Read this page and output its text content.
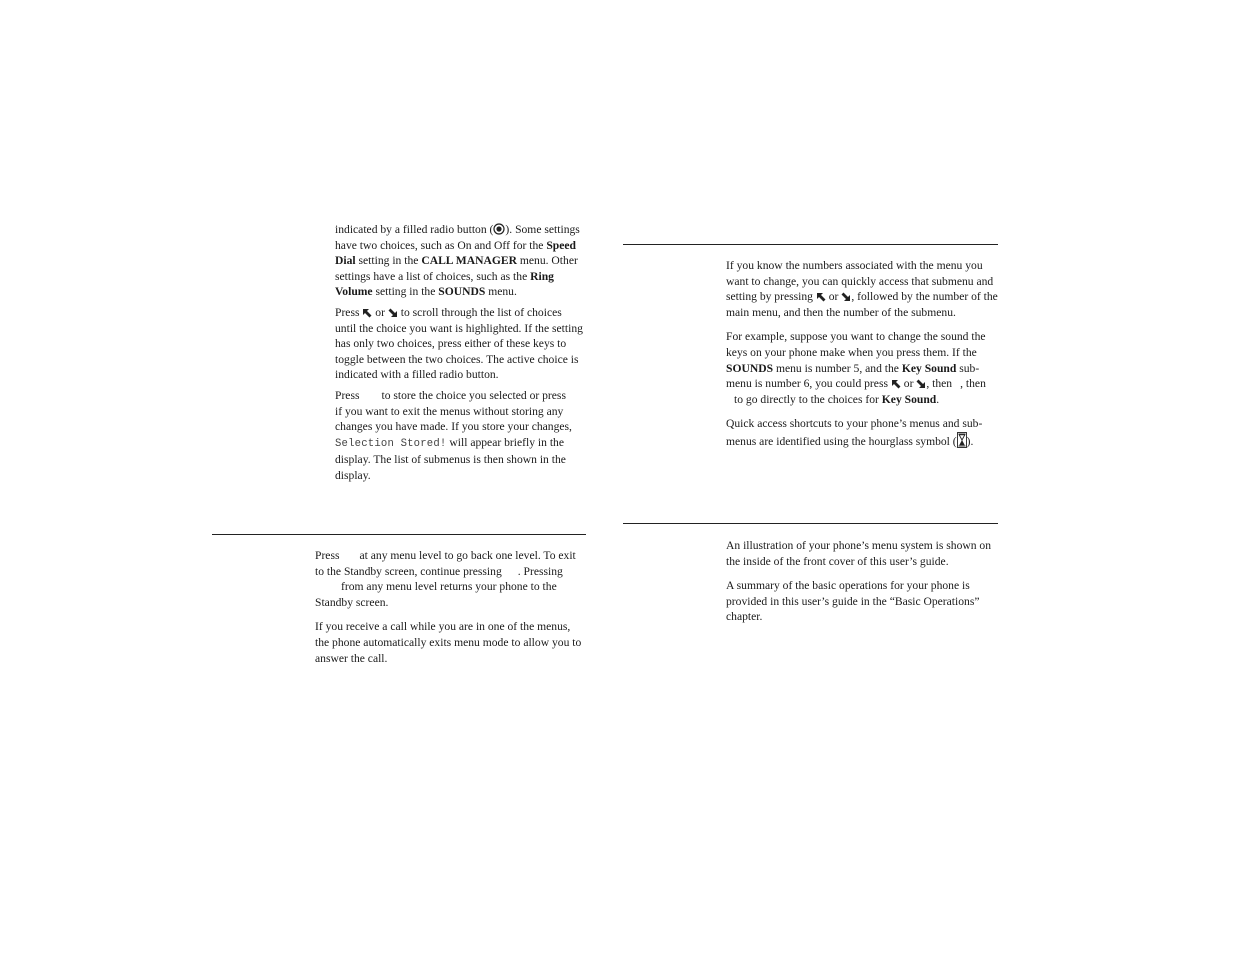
indicated by a filled radio button ( ). Some settings have two choices, such as On and Off for the Speed Dial setting in the CALL MANAGER menu. Other settings have a list of choices, such as the Ring Volume setting in the SOUNDS menu.

Press  or  to scroll through the list of choices until the choice you want is highlighted. If the setting has only two choices, press either of these keys to toggle between the two choices. The active choice is indicated with a filled radio button.

Press to store the choice you selected or press
if you want to exit the menus without storing any changes you have made. If you store your changes,
Selection Stored! will appear briefly in the display. The list of submenus is then shown in the display.

Press at any menu level to go back one level. To exit to the Standby screen, continue pressing . Pressing
from any menu level returns your phone to the Standby screen.

If you receive a call while you are in one of the menus, the phone automatically exits menu mode to allow you to answer the call.

If you know the numbers associated with the menu you want to change, you can quickly access that submenu and setting by pressing  or , followed by the number of the main menu, and then the number of the submenu.

For example, suppose you want to change the sound the keys on your phone make when you press them. If the SOUNDS menu is number 5, and the Key Sound submenu is number 6, you could press  or , then , then
to go directly to the choices for Key Sound.

Quick access shortcuts to your phone’s menus and submenus are identified using the hourglass symbol ( ).

An illustration of your phone’s menu system is shown on the inside of the front cover of this user’s guide.

A summary of the basic operations for your phone is provided in this user’s guide in the “Basic Operations” chapter.
